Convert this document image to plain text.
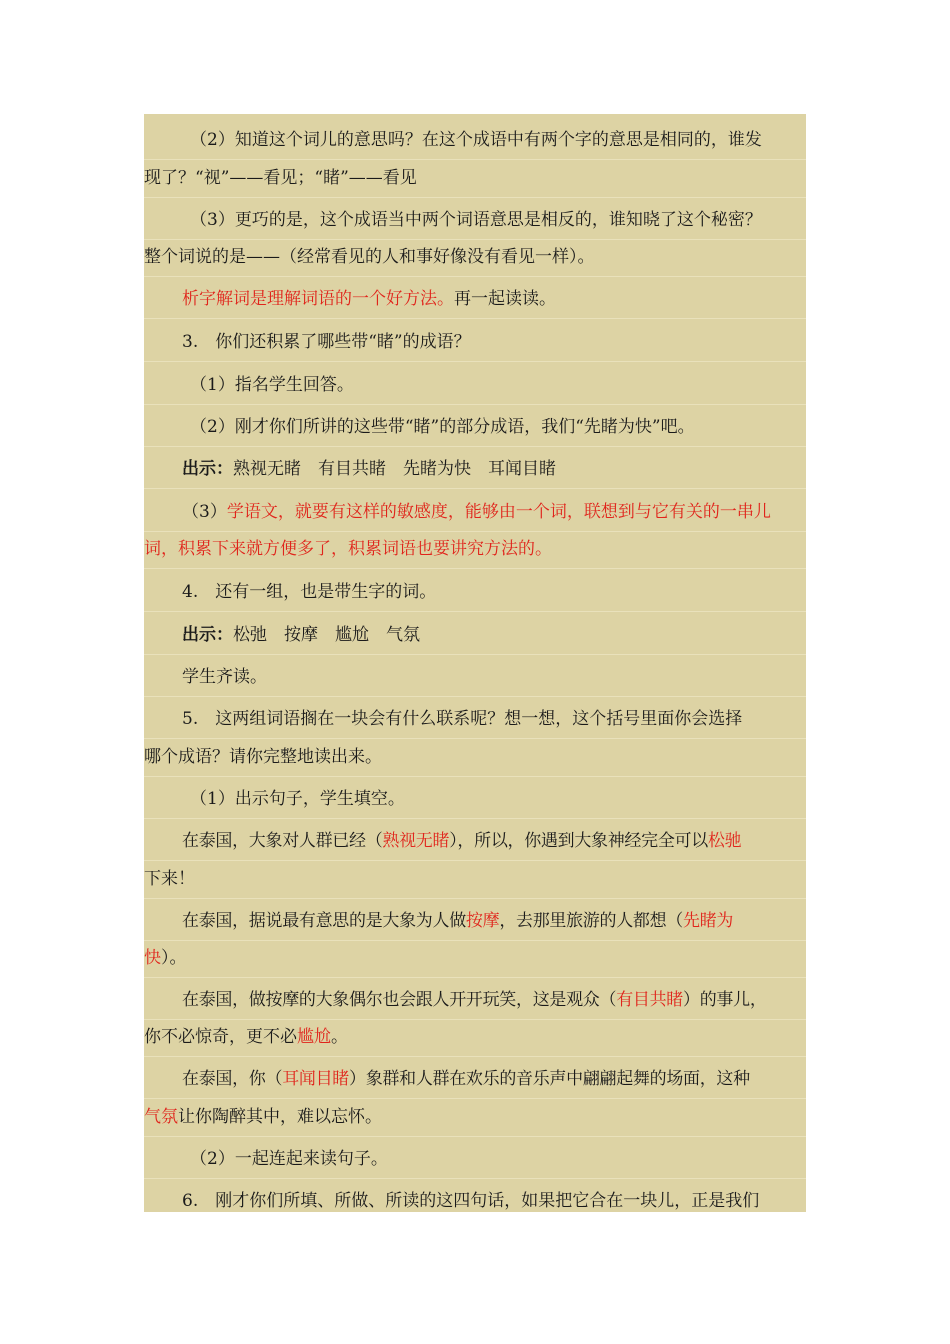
（2）知道这个词儿的意思吗？在这个成语中有两个字的意思是相同的，谁发
现了？“视”——看见；“睹”——看见
（3）更巧的是，这个成语当中两个词语意思是相反的，谁知晓了这个秘密？
整个词说的是——（经常看见的人和事好像没有看见一样）。
析字解词是理解词语的一个好方法。再一起读读。
3.　你们还积累了哪些带“睹”的成语？
（1）指名学生回答。
（2）刚才你们所讲的这些带“睹”的部分成语，我们“先睹为快”吧。
出示：熟视无睹　有目共睹　先睹为快　耳闻目睹
（3）学语文，就要有这样的敏感度，能够由一个词，联想到与它有关的一串儿
词，积累下来就方便多了，积累词语也要讲究方法的。
4.　还有一组，也是带生字的词。
出示：松弛　按摩　尴尬　气氛
学生齐读。
5.　这两组词语搁在一块会有什么联系呢？想一想，这个括号里面你会选择
哪个成语？请你完整地读出来。
（1）出示句子，学生填空。
在泰国，大象对人群已经（熟视无睹），所以，你遇到大象神经完全可以松驰
下来！
在泰国，据说最有意思的是大象为人做按摩，去那里旅游的人都想（先睹为
快）。
在泰国，做按摩的大象偶尔也会跟人开开玩笑，这是观众（有目共睹）的事儿，
你不必惊奇，更不必尴尬。
在泰国，你（耳闻目睹）象群和人群在欢乐的音乐声中翩翩起舞的场面，这种
气氛让你陶醉其中，难以忘怀。
（2）一起连起来读句子。
6.　刚才你们所填、所做、所读的这四句话，如果把它合在一块儿，正是我们
